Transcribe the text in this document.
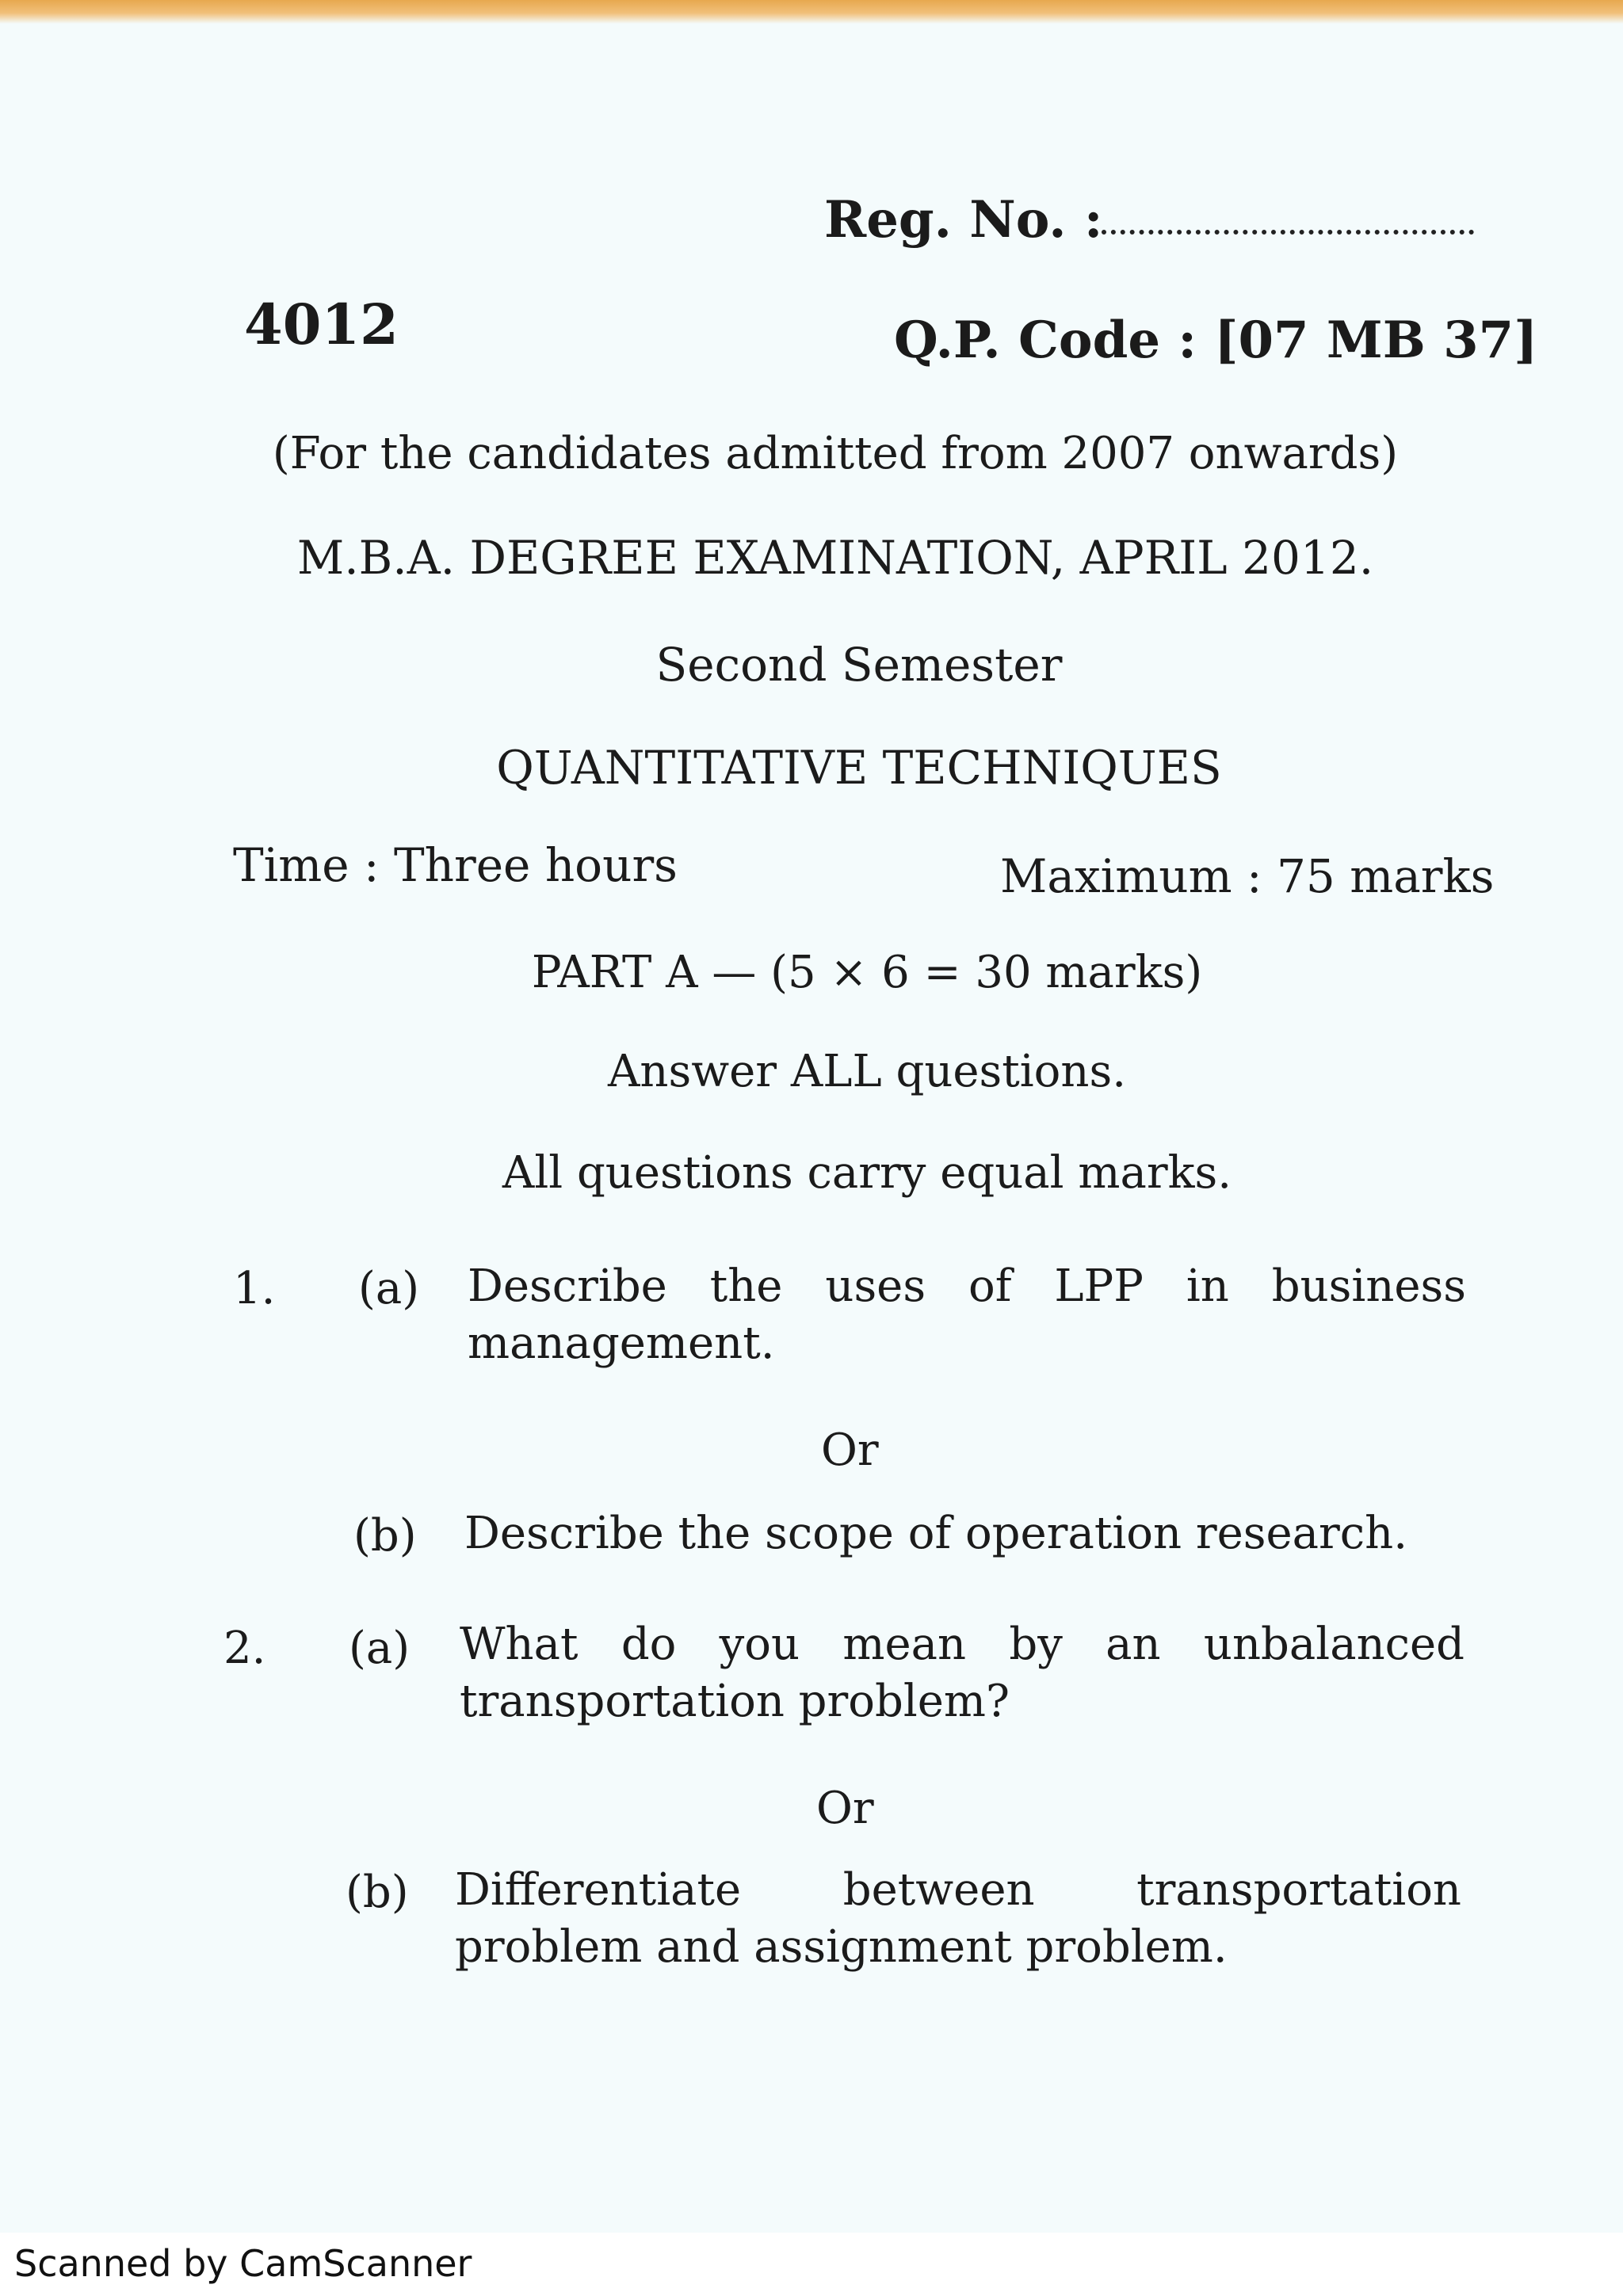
Reg. No. :
4012	Q.P. Code : [07 MB 37]
(For the candidates admitted from 2007 onwards)
M.B.A. DEGREE EXAMINATION, APRIL 2012.
Second Semester
QUANTITATIVE TECHNIQUES
Time : Three hours	Maximum : 75 marks
PART A — (5 × 6 = 30 marks)
Answer ALL questions.
All questions carry equal marks.
1. (a) Describe the uses of LPP in business management.
Or
(b) Describe the scope of operation research.
2. (a) What do you mean by an unbalanced transportation problem?
Or
(b) Differentiate between transportation problem and assignment problem.
Scanned by CamScanner
